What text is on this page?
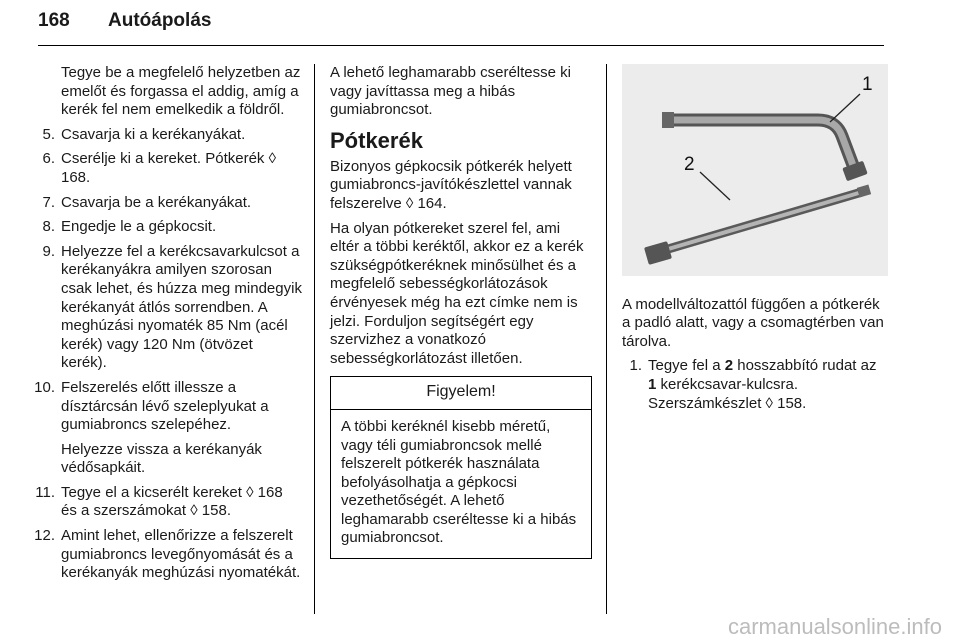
168 Autóápolás
Tegye be a megfelelő helyzetben az emelőt és forgassa el addig, amíg a kerék fel nem emelkedik a földről.
5. Csavarja ki a kerékanyákat.
6. Cserélje ki a kereket. Pótkerék ◊ 168.
7. Csavarja be a kerékanyákat.
8. Engedje le a gépkocsit.
9. Helyezze fel a kerékcsavarkulcsot a kerékanyákra amilyen szorosan csak lehet, és húzza meg mindegyik kerékanyát átlós sorrendben. A meghúzási nyomaték 85 Nm (acél kerék) vagy 120 Nm (ötvözet kerék).
10. Felszerelés előtt illessze a dísztárcsán lévő szeleplyukat a gumiabroncs szelepéhez.
Helyezze vissza a kerékanyák védősapkáit.
11. Tegye el a kicserélt kereket ◊ 168 és a szerszámokat ◊ 158.
12. Amint lehet, ellenőrizze a felszerelt gumiabroncs levegőnyomását és a kerékanyák meghúzási nyomatékát.
A lehető leghamarabb cseréltesse ki vagy javíttassa meg a hibás gumiabroncsot.
Pótkerék
Bizonyos gépkocsik pótkerék helyett gumiabroncs-javítókészlettel vannak felszerelve ◊ 164.
Ha olyan pótkereket szerel fel, ami eltér a többi keréktől, akkor ez a kerék szükségpótkeréknek minősülhet és a megfelelő sebességkorlátozások érvényesek még ha ezt címke nem is jelzi. Forduljon segítségért egy szervizhez a vonatkozó sebességkorlátozást illetően.
Figyelem!
A többi keréknél kisebb méretű, vagy téli gumiabroncsok mellé felszerelt pótkerék használata befolyásolhatja a gépkocsi vezethetőségét. A lehető leghamarabb cseréltesse ki a hibás gumiabroncsot.
1
2
A modellváltozattól függően a pótkerék a padló alatt, vagy a csomagtérben van tárolva.
1. Tegye fel a 2 hosszabbító rudat az
1 kerékcsavar-kulcsra.
Szerszámkészlet ◊ 158.
carmanualsonline.info
